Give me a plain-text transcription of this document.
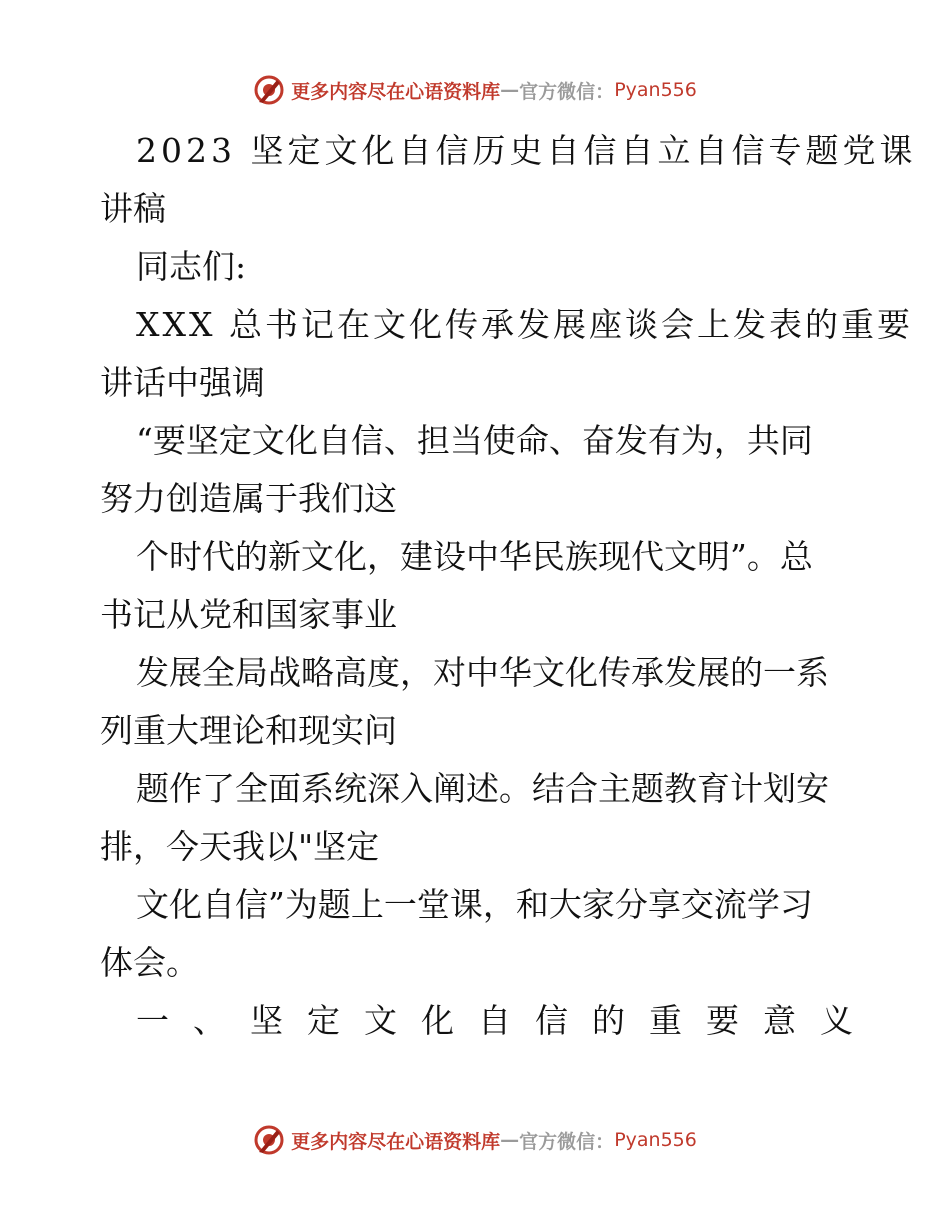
更多内容尽在心语资料库 — 官方微信： Pyan556
2023 坚定文化自信历史自信自立自信专题党课
讲稿
同志们:
XXX 总书记在文化传承发展座谈会上发表的重要
讲话中强调
“要坚定文化自信、担当使命、奋发有为，共同
努力创造属于我们这
个时代的新文化，建设中华民族现代文明”。总
书记从党和国家事业
发展全局战略高度，对中华文化传承发展的一系
列重大理论和现实问
题作了全面系统深入阐述。结合主题教育计划安
排，今天我以"坚定
文化自信”为题上一堂课，和大家分享交流学习
体会。
一、坚定文化自信的重要意义
更多内容尽在心语资料库 — 官方微信： Pyan556
